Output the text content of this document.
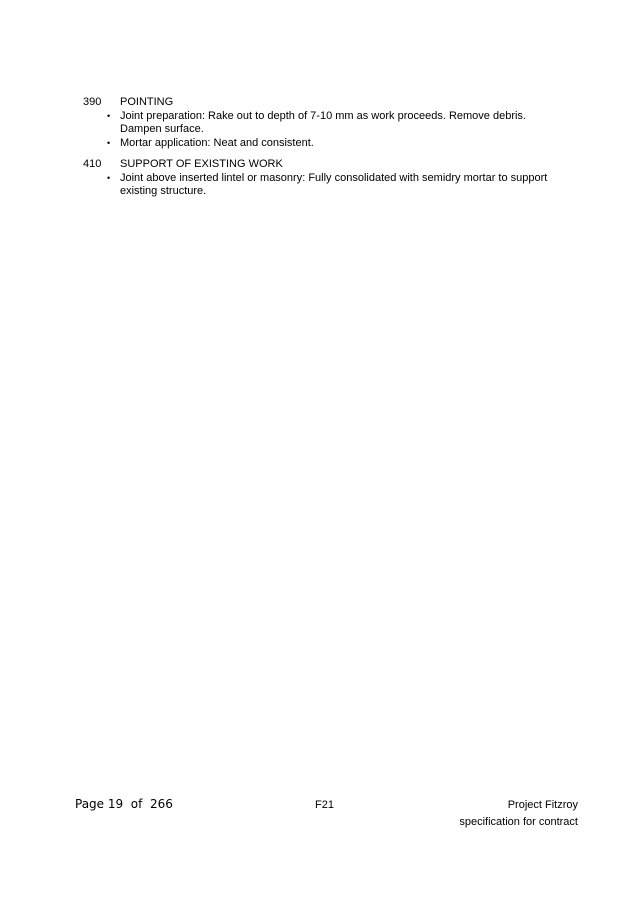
390	POINTING
• Joint preparation: Rake out to depth of 7-10 mm as work proceeds. Remove debris.
Dampen surface.
• Mortar application: Neat and consistent.
410	SUPPORT OF EXISTING WORK
• Joint above inserted lintel or masonry: Fully consolidated with semidry mortar to support
existing structure.
Page 19  of  266	F21	Project Fitzroy
specification for contract
